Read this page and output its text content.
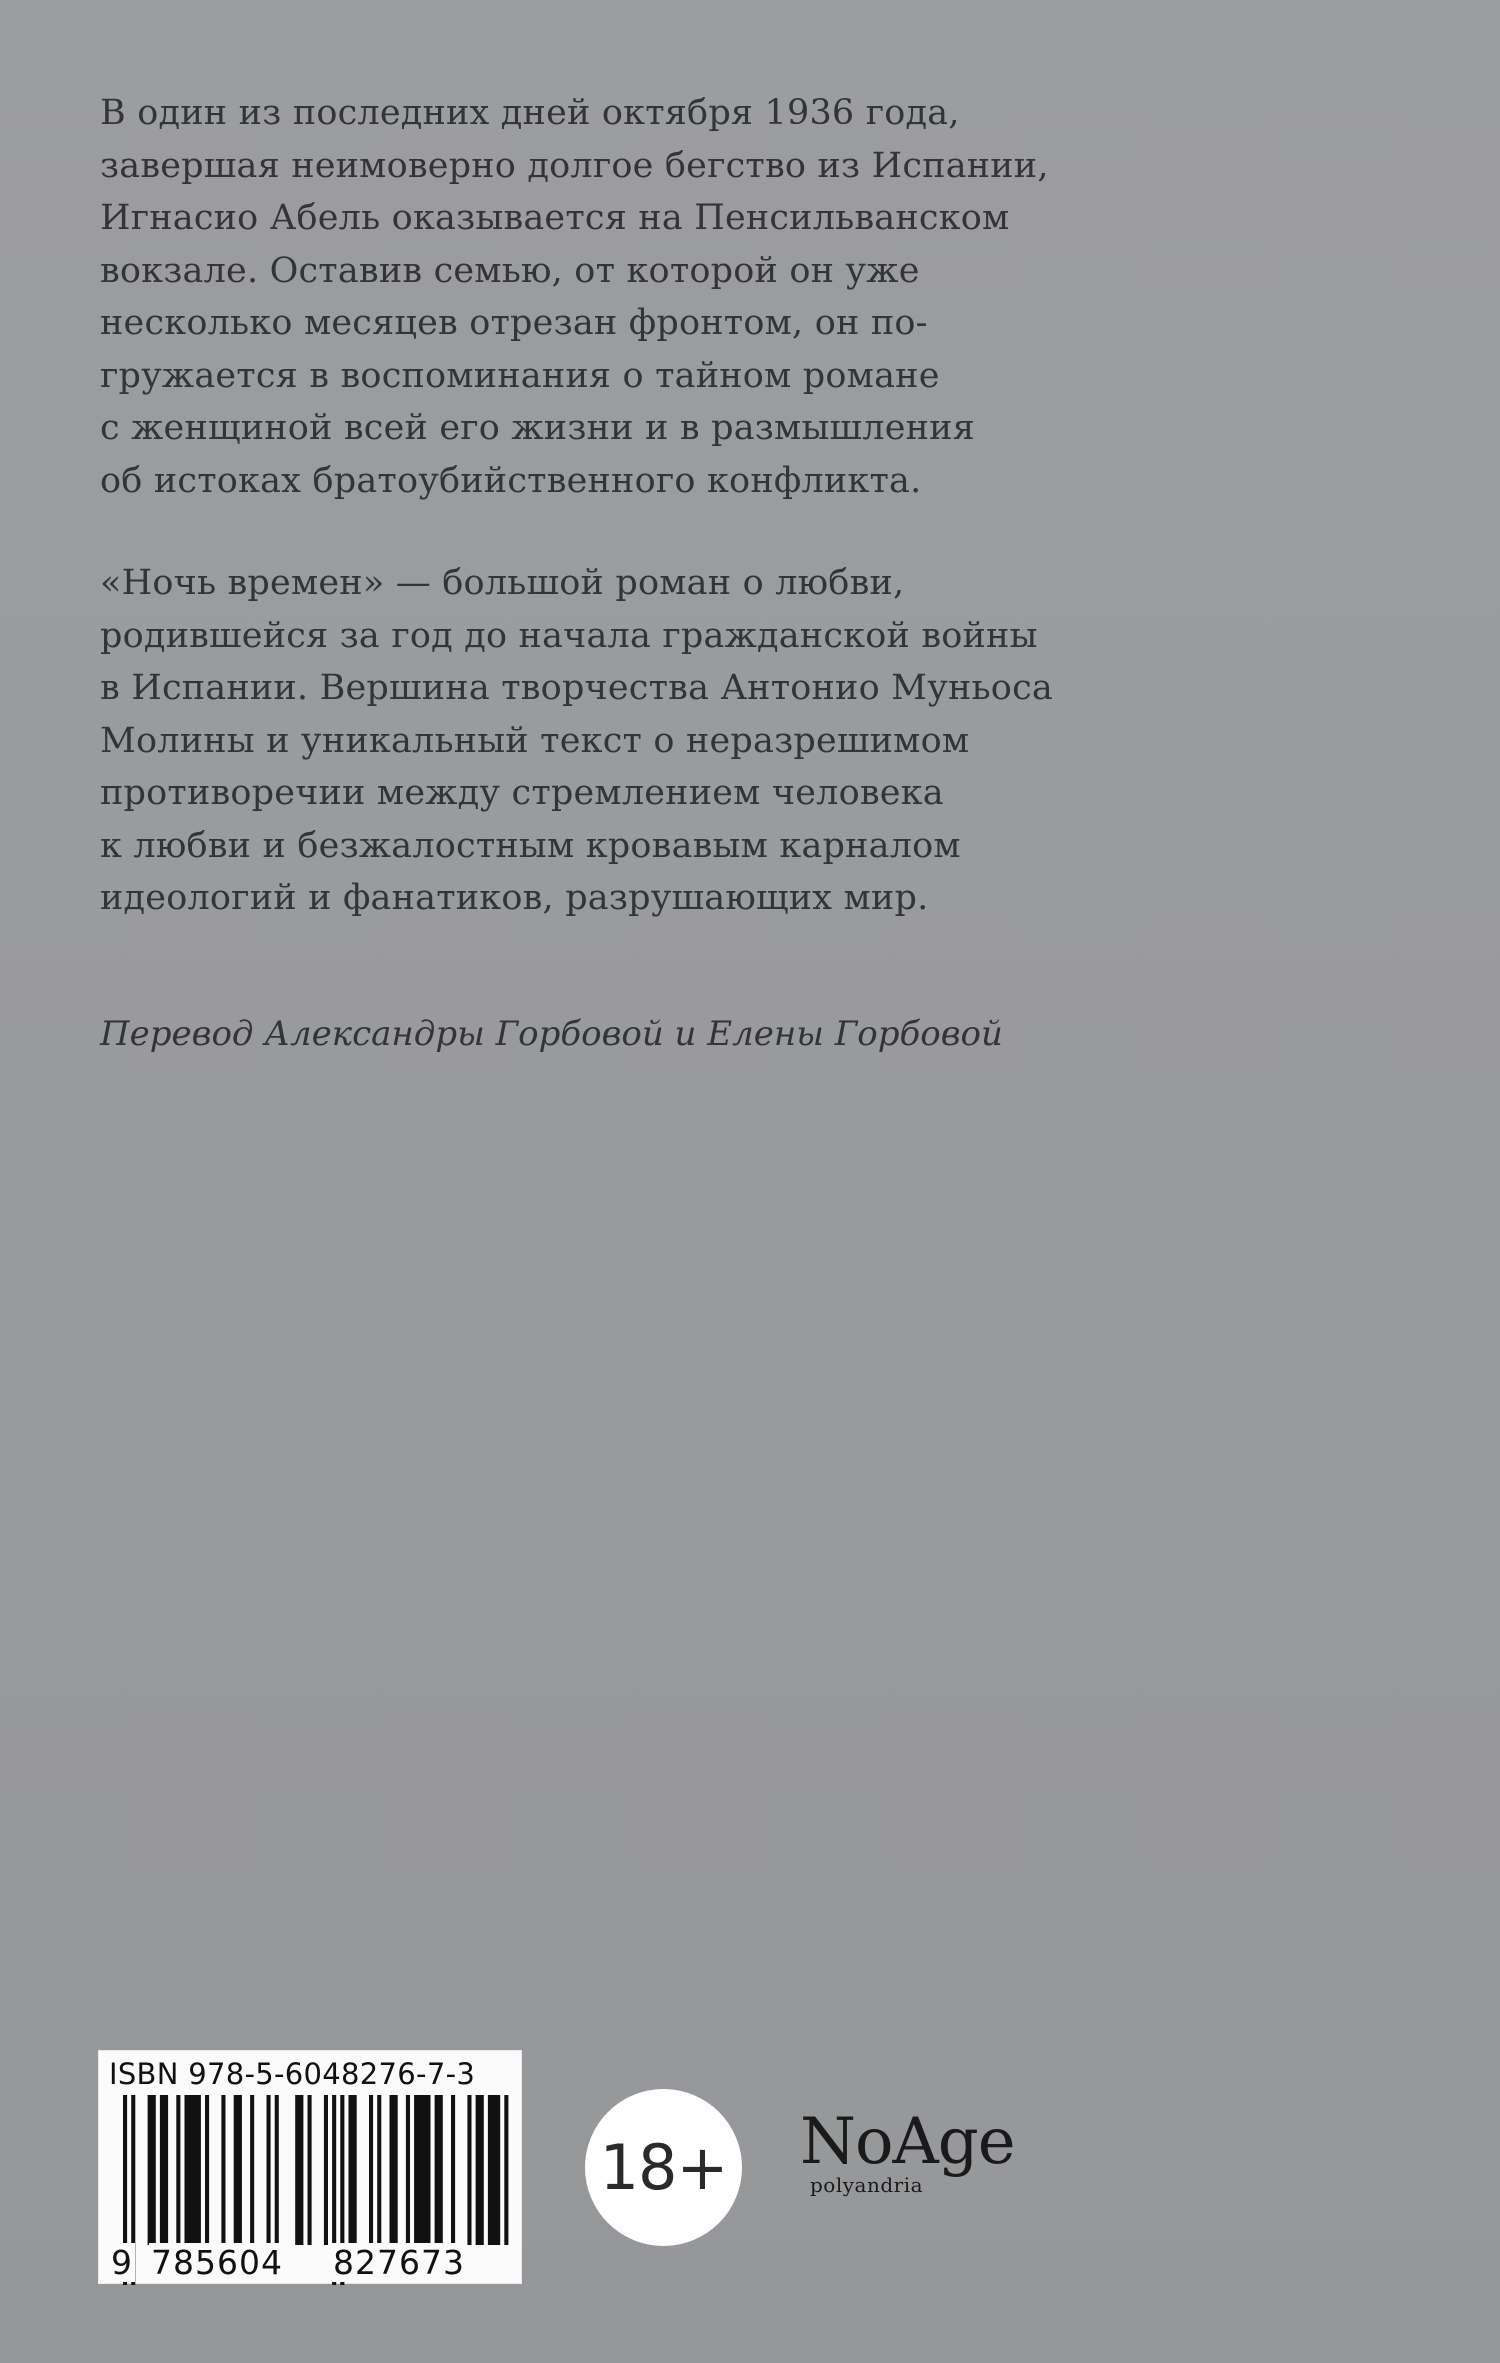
В один из последних дней октября 1936 года,
завершая неимоверно долгое бегство из Испании,
Игнасио Абель оказывается на Пенсильванском
вокзале. Оставив семью, от которой он уже
несколько месяцев отрезан фронтом, он по-
гружается в воспоминания о тайном романе
с женщиной всей его жизни и в размышления
об истоках братоубийственного конфликта.
«Ночь времен» — большой роман о любви,
родившейся за год до начала гражданской войны
в Испании. Вершина творчества Антонио Муньоса
Молины и уникальный текст о неразрешимом
противоречии между стремлением человека
к любви и безжалостным кровавым карналом
идеологий и фанатиков, разрушающих мир.
Перевод Александры Горбовой и Елены Горбовой
ISBN 978-5-6048276-7-3
9 785604 827673
18+ NoAge
polyandria
